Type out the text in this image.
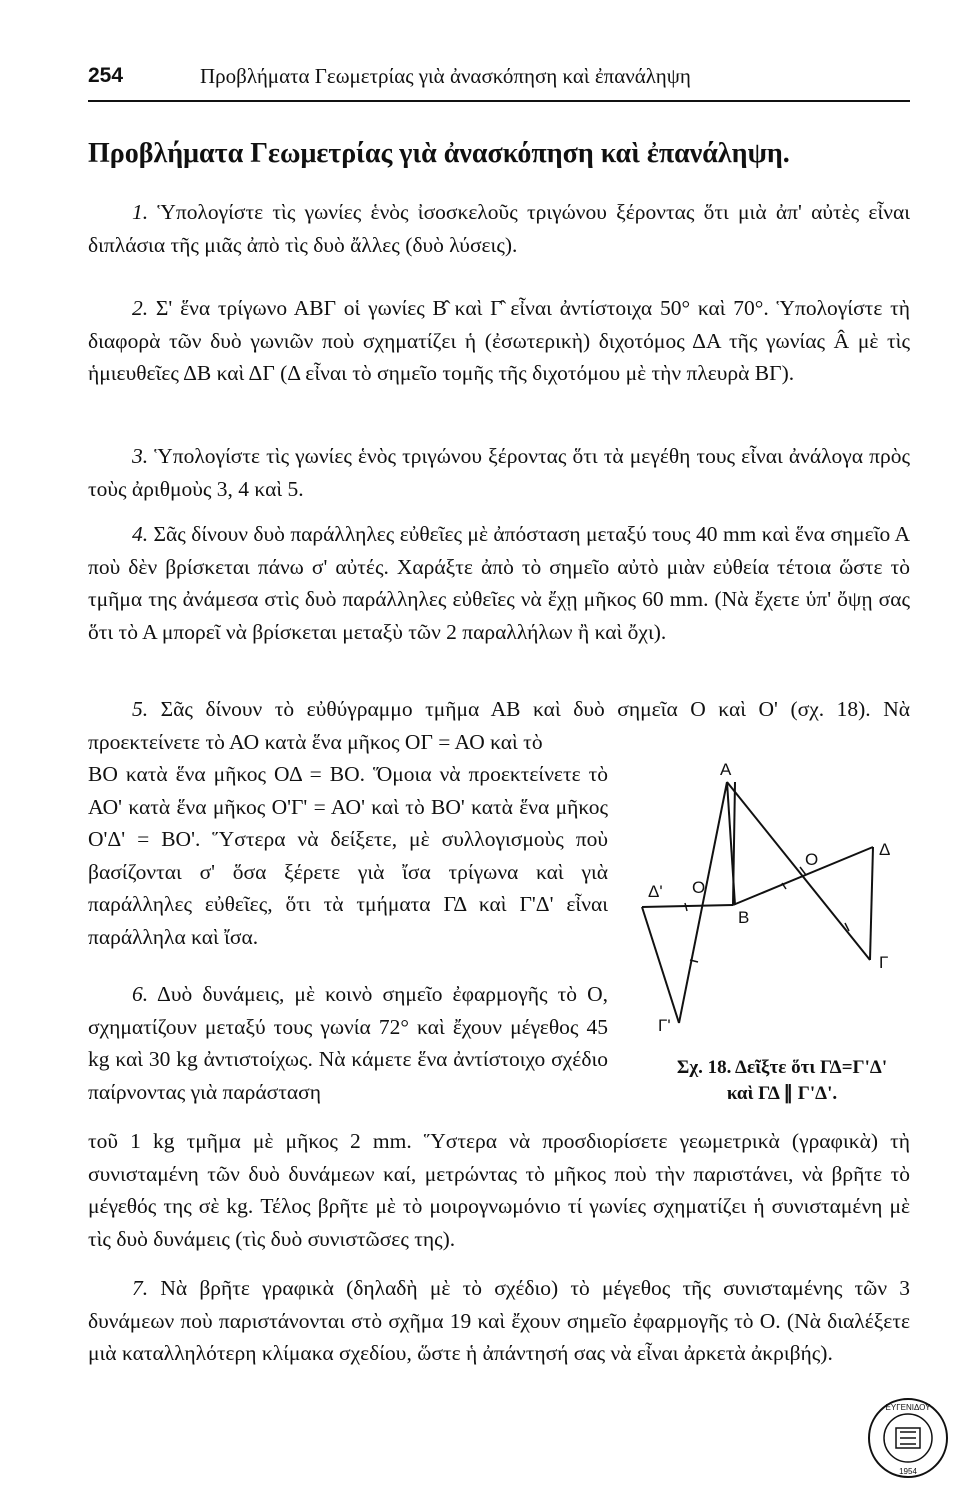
254	Προβλήματα Γεωμετρίας γιὰ ἀνασκόπηση καὶ ἐπανάληψη
Προβλήματα Γεωμετρίας γιὰ ἀνασκόπηση καὶ ἐπανάληψη.

1. Ὑπολογίστε τὶς γωνίες ἑνὸς ἰσοσκελοῦς τριγώνου ξέροντας ὅτι μιὰ ἀπ' αὐτὲς εἶναι διπλάσια τῆς μιᾶς ἀπὸ τὶς δυὸ ἄλλες (δυὸ λύσεις).

2. Σ' ἕνα τρίγωνο ΑΒΓ οἱ γωνίες Β̂ καὶ Γ̂ εἶναι ἀντίστοιχα 50° καὶ 70°. Ὑπολογίστε τὴ διαφορὰ τῶν δυὸ γωνιῶν ποὺ σχηματίζει ἡ (ἐσωτερικὴ) διχοτόμος ΔΑ τῆς γωνίας Â μὲ τὶς ἡμιευθεῖες ΔΒ καὶ ΔΓ (Δ εἶναι τὸ σημεῖο τομῆς τῆς διχοτόμου μὲ τὴν πλευρὰ ΒΓ).

3. Ὑπολογίστε τὶς γωνίες ἑνὸς τριγώνου ξέροντας ὅτι τὰ μεγέθη τους εἶναι ἀνάλογα πρὸς τοὺς ἀριθμοὺς 3, 4 καὶ 5.

4. Σᾶς δίνουν δυὸ παράλληλες εὐθεῖες μὲ ἀπόσταση μεταξύ τους 40 mm καὶ ἕνα σημεῖο Α ποὺ δὲν βρίσκεται πάνω σ' αὐτές. Χαράξτε ἀπὸ τὸ σημεῖο αὐτὸ μιὰν εὐθεία τέτοια ὥστε τὸ τμῆμα της ἀνάμεσα στὶς δυὸ παράλληλες εὐθεῖες νὰ ἔχῃ μῆκος 60 mm. (Νὰ ἔχετε ὑπ' ὄψῃ σας ὅτι τὸ Α μπορεῖ νὰ βρίσκεται μεταξὺ τῶν 2 παραλλήλων ἢ καὶ ὄχι).

5. Σᾶς δίνουν τὸ εὐθύγραμμο τμῆμα ΑΒ καὶ δυὸ σημεῖα Ο καὶ Ο' (σχ. 18). Νὰ προεκτείνετε τὸ ΑΟ κατὰ ἕνα μῆκος ΟΓ = ΑΟ καὶ τὸ

ΒΟ κατὰ ἕνα μῆκος ΟΔ = ΒΟ. Ὅμοια νὰ προεκτείνετε τὸ ΑΟ' κατὰ ἕνα μῆκος Ο'Γ' = ΑΟ' καὶ τὸ ΒΟ' κατὰ ἕνα μῆκος Ο'Δ' = ΒΟ'. Ὕστερα νὰ δείξετε, μὲ συλλογισμοὺς ποὺ βασίζονται σ' ὅσα ξέρετε γιὰ ἴσα τρίγωνα καὶ γιὰ παράλληλες εὐθεῖες, ὅτι τὰ τμήματα ΓΔ καὶ Γ'Δ' εἶναι παράλληλα καὶ ἴσα.

6. Δυὸ δυνάμεις, μὲ κοινὸ σημεῖο ἐφαρμογῆς τὸ Ο, σχηματίζουν μεταξύ τους γωνία 72° καὶ ἔχουν μέγεθος 45 kg καὶ 30 kg ἀντιστοίχως. Νὰ κάμετε ἕνα ἀντίστοιχο σχέδιο παίρνοντας γιὰ παράσταση

τοῦ 1 kg τμῆμα μὲ μῆκος 2 mm. Ὕστερα νὰ προσδιορίσετε γεωμετρικὰ (γραφικὰ) τὴ συνισταμένη τῶν δυὸ δυνάμεων καί, μετρώντας τὸ μῆκος ποὺ τὴν παριστάνει, νὰ βρῆτε τὸ μέγεθός της σὲ kg. Τέλος βρῆτε μὲ τὸ μοιρογνωμόνιο τί γωνίες σχηματίζει ἡ συνισταμένη μὲ τὶς δυὸ δυνάμεις (τὶς δυὸ συνιστῶσες της).

7. Νὰ βρῆτε γραφικὰ (δηλαδὴ μὲ τὸ σχέδιο) τὸ μέγεθος τῆς συνισταμένης τῶν 3 δυνάμεων ποὺ παριστάνονται στὸ σχῆμα 19 καὶ ἔχουν σημεῖο ἐφαρμογῆς τὸ Ο. (Νὰ διαλέξετε μιὰ καταλληλότερη κλίμακα σχεδίου, ὥστε ἡ ἀπάντησή σας νὰ εἶναι ἀρκετὰ ἀκριβής).

Α
Ο
Δ
Δ' Ο'
Β
Γ
Γ'
Σχ. 18. Δεῖξτε ὅτι ΓΔ=Γ'Δ'
καὶ ΓΔ ∥ Γ'Δ'.
ΕΥΓΕΝΙΔΟΥ
1954
